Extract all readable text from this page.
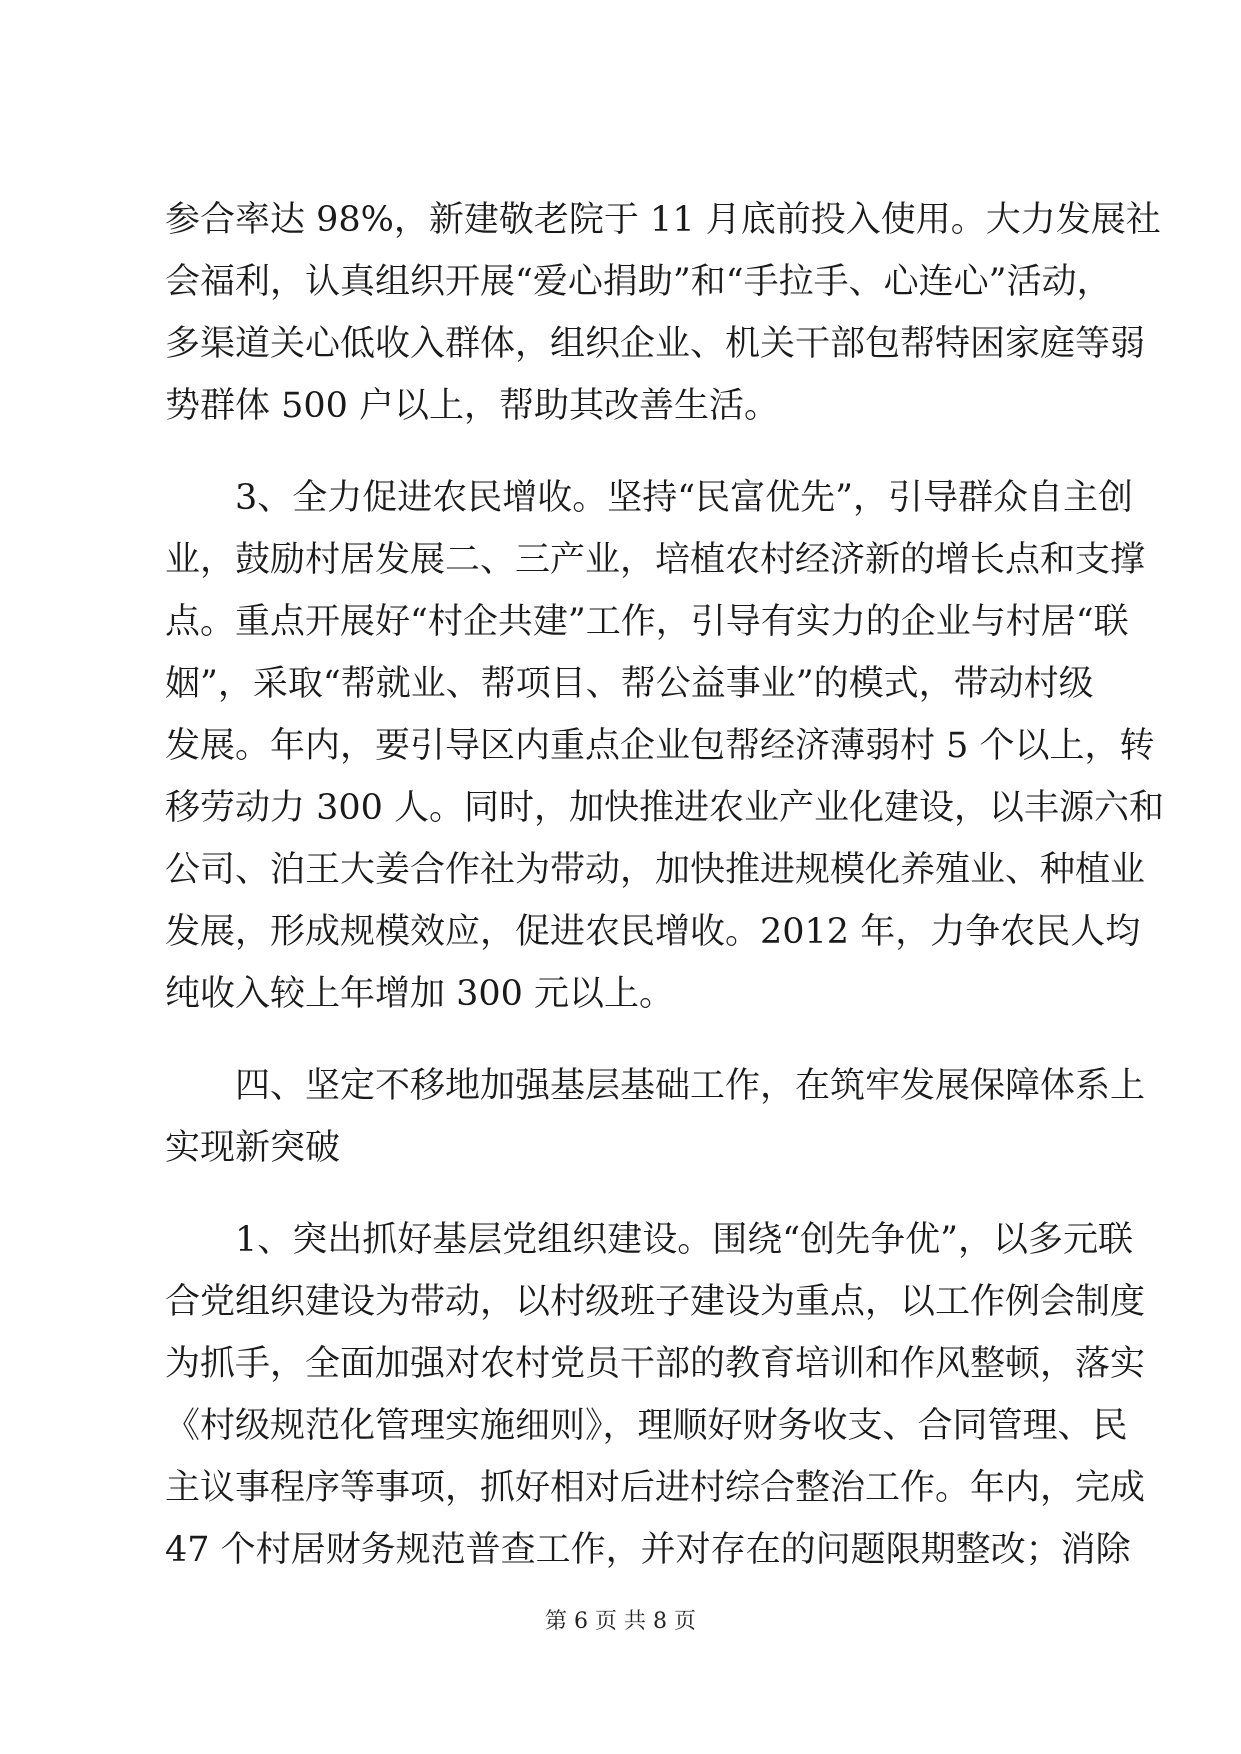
参合率达 98%，新建敬老院于 11 月底前投入使用。大力发展社
会福利，认真组织开展“爱心捐助”和“手拉手、心连心”活动，
多渠道关心低收入群体，组织企业、机关干部包帮特困家庭等弱
势群体 500 户以上，帮助其改善生活。
3、全力促进农民增收。坚持“民富优先”，引导群众自主创
业，鼓励村居发展二、三产业，培植农村经济新的增长点和支撑
点。重点开展好“村企共建”工作，引导有实力的企业与村居“联
姻”，采取“帮就业、帮项目、帮公益事业”的模式，带动村级
发展。年内，要引导区内重点企业包帮经济薄弱村 5 个以上，转
移劳动力 300 人。同时，加快推进农业产业化建设，以丰源六和
公司、泊王大姜合作社为带动，加快推进规模化养殖业、种植业
发展，形成规模效应，促进农民增收。2012 年，力争农民人均
纯收入较上年增加 300 元以上。
四、坚定不移地加强基层基础工作，在筑牢发展保障体系上
实现新突破
1、突出抓好基层党组织建设。围绕“创先争优”，以多元联
合党组织建设为带动，以村级班子建设为重点，以工作例会制度
为抓手，全面加强对农村党员干部的教育培训和作风整顿，落实
《村级规范化管理实施细则》，理顺好财务收支、合同管理、民
主议事程序等事项，抓好相对后进村综合整治工作。年内，完成
47 个村居财务规范普查工作，并对存在的问题限期整改；消除
第 6 页 共 8 页
